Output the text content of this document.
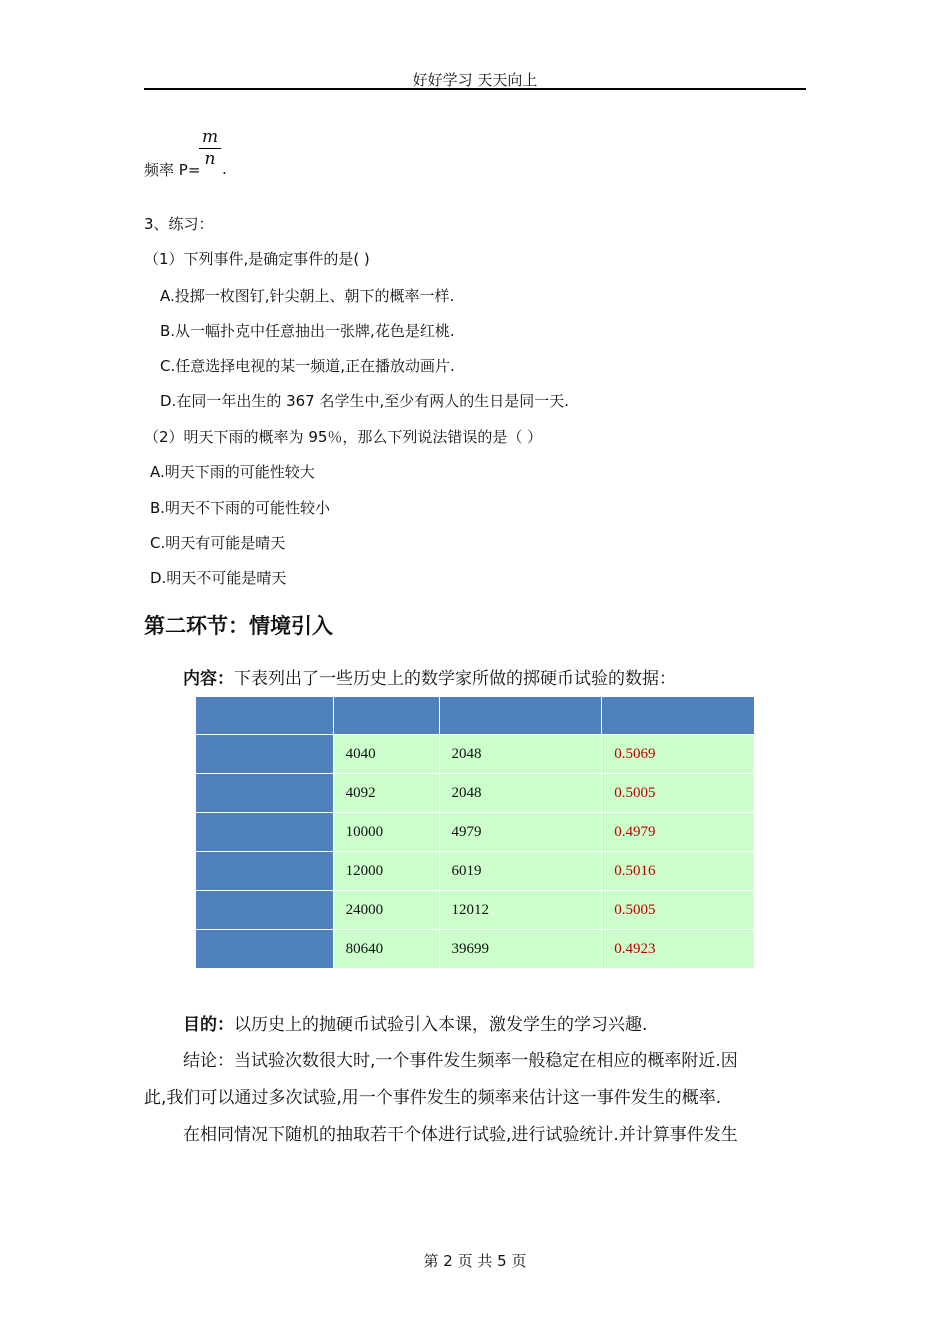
好好学习 天天向上
频率 P=
m
n .
3、练习：
（1）下列事件,是确定事件的是( )
A.投掷一枚图钉,针尖朝上、朝下的概率一样.
B.从一幅扑克中任意抽出一张牌,花色是红桃.
C.任意选择电视的某一频道,正在播放动画片.
D.在同一年出生的 367 名学生中,至少有两人的生日是同一天.
（2）明天下雨的概率为 95％，那么下列说法错误的是（ ）
A.明天下雨的可能性较大
B.明天不下雨的可能性较小
C.明天有可能是晴天
D.明天不可能是晴天
第二环节：情境引入
内容：下表列出了一些历史上的数学家所做的掷硬币试验的数据：

	4040	2048	0.5069
	4092	2048	0.5005
	10000	4979	0.4979
	12000	6019	0.5016
	24000	12012	0.5005
	80640	39699	0.4923
目的：以历史上的抛硬币试验引入本课，激发学生的学习兴趣.
结论：当试验次数很大时,一个事件发生频率一般稳定在相应的概率附近.因
此,我们可以通过多次试验,用一个事件发生的频率来估计这一事件发生的概率.
在相同情况下随机的抽取若干个体进行试验,进行试验统计.并计算事件发生
第 2 页 共 5 页
